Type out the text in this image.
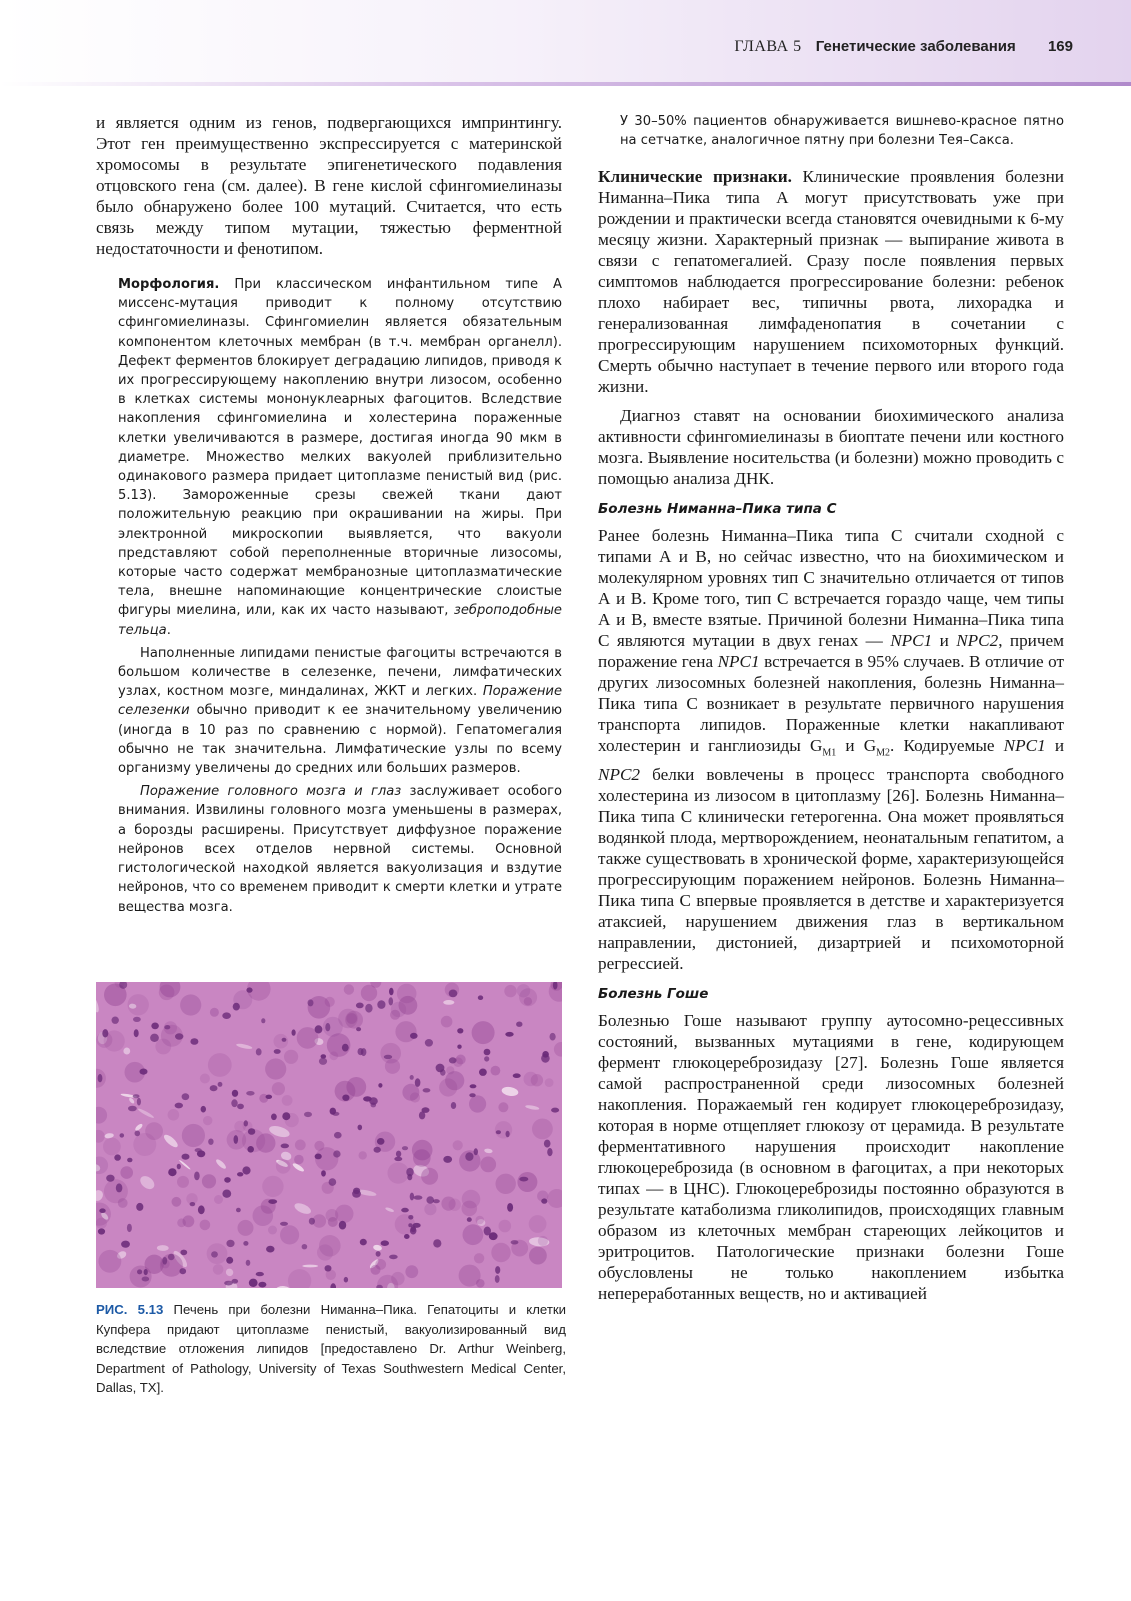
ГЛАВА 5 Генетические заболевания 169

и является одним из генов, подвергающихся импринтингу. Этот ген преимущественно экспрессируется с материнской хромосомы в результате эпигенетического подавления отцовского гена (см. далее). В гене кислой сфингомиелиназы было обнаружено более 100 мутаций. Считается, что есть связь между типом мутации, тяжестью ферментной недостаточности и фенотипом.

Морфология. При классическом инфантильном типе А миссенс-мутация приводит к полному отсутствию сфингомиелиназы. Сфингомиелин является обязательным компонентом клеточных мембран (в т.ч. мембран органелл). Дефект ферментов блокирует деградацию липидов, приводя к их прогрессирующему накоплению внутри лизосом, особенно в клетках системы мононуклеарных фагоцитов. Вследствие накопления сфингомиелина и холестерина пораженные клетки увеличиваются в размере, достигая иногда 90 мкм в диаметре. Множество мелких вакуолей приблизительно одинакового размера придает цитоплазме пенистый вид (рис. 5.13). Замороженные срезы свежей ткани дают положительную реакцию при окрашивании на жиры. При электронной микроскопии выявляется, что вакуоли представляют собой переполненные вторичные лизосомы, которые часто содержат мембранозные цитоплазматические тела, внешне напоминающие концентрические слоистые фигуры миелина, или, как их часто называют, зеброподобные тельца.

Наполненные липидами пенистые фагоциты встречаются в большом количестве в селезенке, печени, лимфатических узлах, костном мозге, миндалинах, ЖКТ и легких. Поражение селезенки обычно приводит к ее значительному увеличению (иногда в 10 раз по сравнению с нормой). Гепатомегалия обычно не так значительна. Лимфатические узлы по всему организму увеличены до средних или больших размеров.

Поражение головного мозга и глаз заслуживает особого внимания. Извилины головного мозга уменьшены в размерах, а борозды расширены. Присутствует диффузное поражение нейронов всех отделов нервной системы. Основной гистологической находкой является вакуолизация и вздутие нейронов, что со временем приводит к смерти клетки и утрате вещества мозга.

РИС. 5.13 Печень при болезни Ниманна–Пика. Гепатоциты и клетки Купфера придают цитоплазме пенистый, вакуолизированный вид вследствие отложения липидов [предоставлено Dr. Arthur Weinberg, Department of Pathology, University of Texas Southwestern Medical Center, Dallas, TX].

У 30–50% пациентов обнаруживается вишнево-красное пятно на сетчатке, аналогичное пятну при болезни Тея–Сакса.

Клинические признаки. Клинические проявления болезни Ниманна–Пика типа А могут присутствовать уже при рождении и практически всегда становятся очевидными к 6-му месяцу жизни. Характерный признак — выпирание живота в связи с гепатомегалией. Сразу после появления первых симптомов наблюдается прогрессирование болезни: ребенок плохо набирает вес, типичны рвота, лихорадка и генерализованная лимфаденопатия в сочетании с прогрессирующим нарушением психомоторных функций. Смерть обычно наступает в течение первого или второго года жизни.

Диагноз ставят на основании биохимического анализа активности сфингомиелиназы в биоптате печени или костного мозга. Выявление носительства (и болезни) можно проводить с помощью анализа ДНК.

Болезнь Ниманна–Пика типа С

Ранее болезнь Ниманна–Пика типа С считали сходной с типами А и В, но сейчас известно, что на биохимическом и молекулярном уровнях тип С значительно отличается от типов А и В. Кроме того, тип С встречается гораздо чаще, чем типы А и В, вместе взятые. Причиной болезни Ниманна–Пика типа С являются мутации в двух генах — NPC1 и NPC2, причем поражение гена NPC1 встречается в 95% случаев. В отличие от других лизосомных болезней накопления, болезнь Ниманна–Пика типа С возникает в результате первичного нарушения транспорта липидов. Пораженные клетки накапливают холестерин и ганглиозиды $G_{M1}$ и $G_{M2}$. Кодируемые NPC1 и NPC2 белки вовлечены в процесс транспорта свободного холестерина из лизосом в цитоплазму [26]. Болезнь Ниманна–Пика типа С клинически гетерогенна. Она может проявляться водянкой плода, мертворождением, неонатальным гепатитом, а также существовать в хронической форме, характеризующейся прогрессирующим поражением нейронов. Болезнь Ниманна–Пика типа С впервые проявляется в детстве и характеризуется атаксией, нарушением движения глаз в вертикальном направлении, дистонией, дизартрией и психомоторной регрессией.

Болезнь Гоше

Болезнью Гоше называют группу аутосомно-рецессивных состояний, вызванных мутациями в гене, кодирующем фермент глюкоцереброзидазу [27]. Болезнь Гоше является самой распространенной среди лизосомных болезней накопления. Поражаемый ген кодирует глюкоцереброзидазу, которая в норме отщепляет глюкозу от церамида. В результате ферментативного нарушения происходит накопление глюкоцереброзида (в основном в фагоцитах, а при некоторых типах — в ЦНС). Глюкоцереброзиды постоянно образуются в результате катаболизма гликолипидов, происходящих главным образом из клеточных мембран стареющих лейкоцитов и эритроцитов. Патологические признаки болезни Гоше обусловлены не только накоплением избытка непереработанных веществ, но и активацией
